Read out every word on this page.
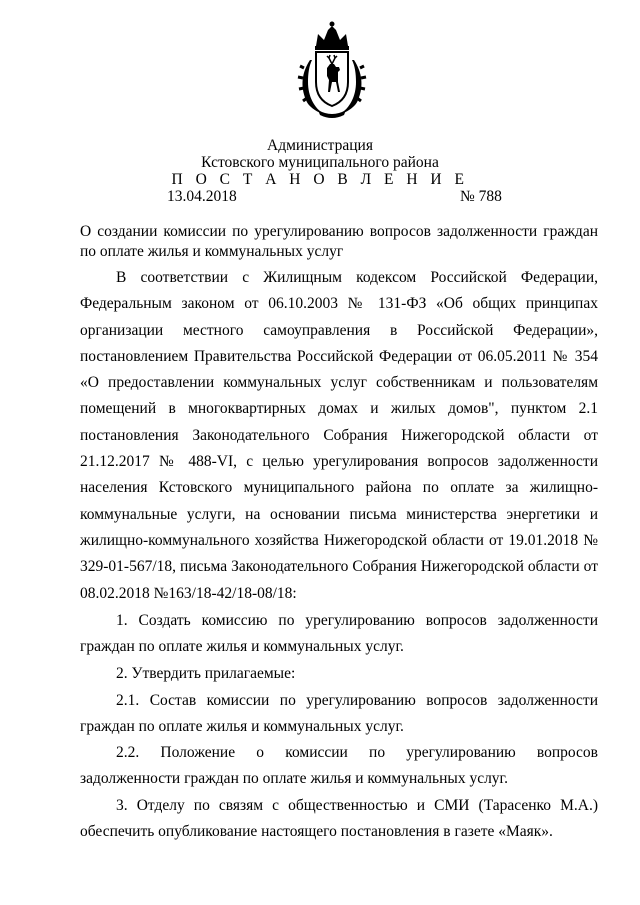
Администрация
Кстовского муниципального района
П О С Т А Н О В Л Е Н И Е
13.04.2018	№ 788
О создании комиссии по урегулированию вопросов задолженности граждан по оплате жилья и коммунальных услуг
В соответствии с Жилищным кодексом Российской Федерации, Федеральным законом от 06.10.2003 № 131-ФЗ «Об общих принципах организации местного самоуправления в Российской Федерации», постановлением Правительства Российской Федерации от 06.05.2011 № 354 «О предоставлении коммунальных услуг собственникам и пользователям помещений в многоквартирных домах и жилых домов", пунктом 2.1 постановления Законодательного Собрания Нижегородской области от 21.12.2017 № 488-VI, с целью урегулирования вопросов задолженности населения Кстовского муниципального района по оплате за жилищно-коммунальные услуги, на основании письма министерства энергетики и жилищно-коммунального хозяйства Нижегородской области от 19.01.2018 № 329-01-567/18, письма Законодательного Собрания Нижегородской области от 08.02.2018 №163/18-42/18-08/18:
1. Создать комиссию по урегулированию вопросов задолженности граждан по оплате жилья и коммунальных услуг.
2. Утвердить прилагаемые:
2.1. Состав комиссии по урегулированию вопросов задолженности граждан по оплате жилья и коммунальных услуг.
2.2. Положение о комиссии по урегулированию вопросов задолженности граждан по оплате жилья и коммунальных услуг.
3. Отделу по связям с общественностью и СМИ (Тарасенко М.А.) обеспечить опубликование настоящего постановления в газете «Маяк».
